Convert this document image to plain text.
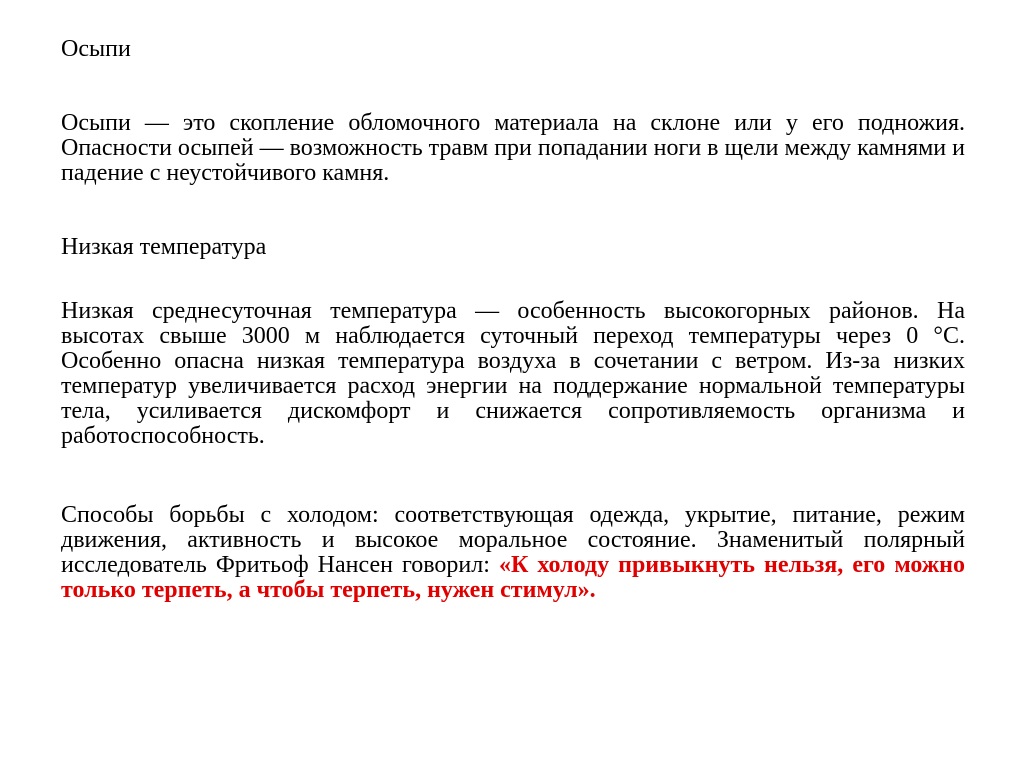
Осыпи
Осыпи — это скопление обломочного материала на склоне или у его подножия. Опасности осыпей — возможность травм при попадании ноги в щели между камнями и падение с неустойчивого камня.
Низкая температура
Низкая среднесуточная температура — особенность высокогорных районов. На высотах свыше 3000 м наблюдается суточный переход температуры через 0 °С. Особенно опасна низкая температура воздуха в сочетании с ветром. Из-за низких температур увеличивается расход энергии на поддержание нормальной температуры тела, усиливается дискомфорт и снижается сопротивляемость организма и работоспособность.
Способы борьбы с холодом: соответствующая одежда, укрытие, питание, режим движения, активность и высокое моральное состояние. Знаменитый полярный исследователь Фритьоф Нансен говорил: «К холоду привыкнуть нельзя, его можно только терпеть, а чтобы терпеть, нужен стимул».
